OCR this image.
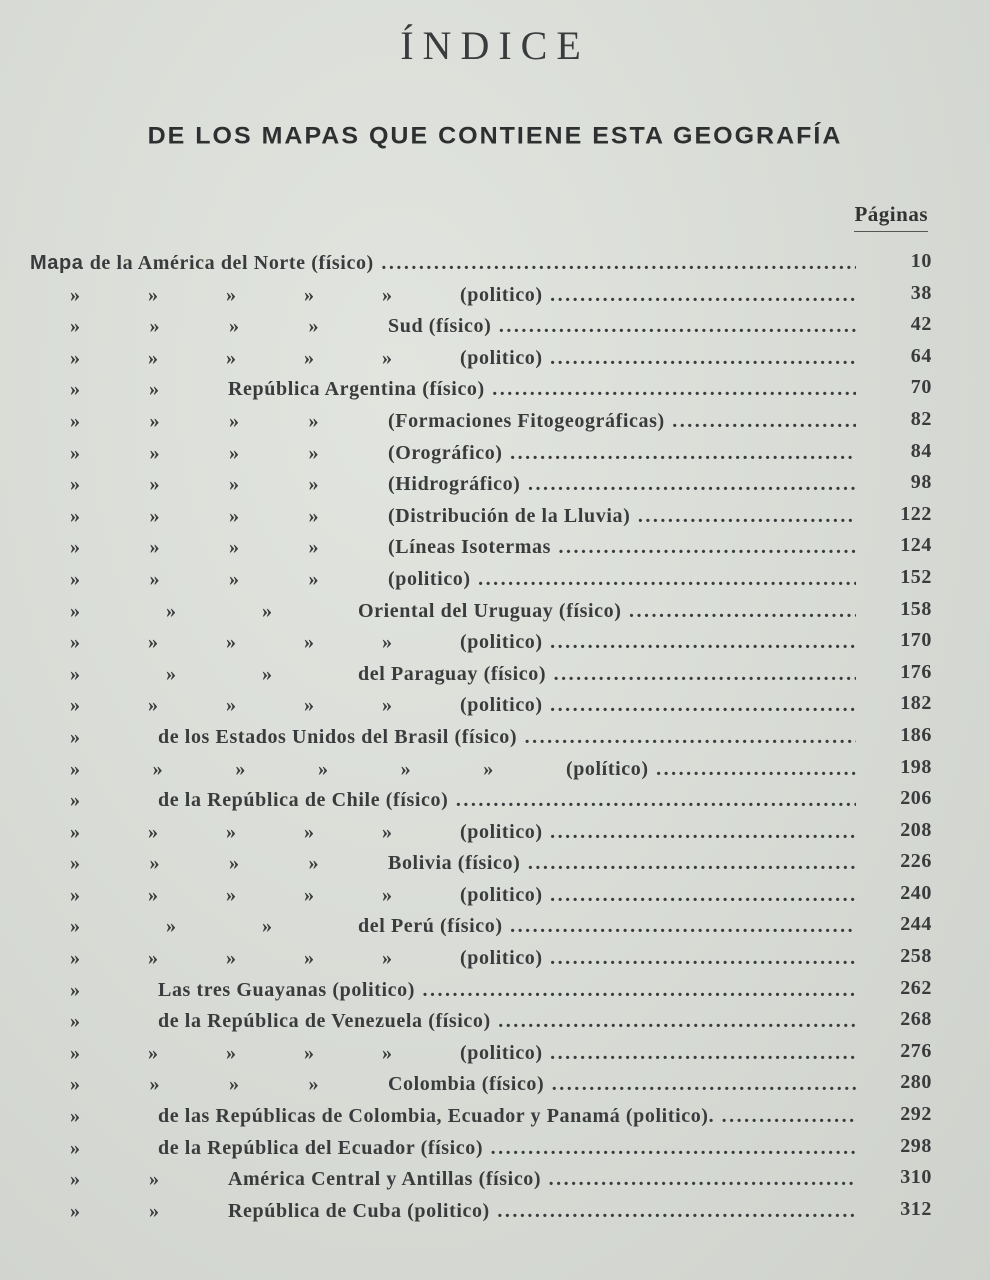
ÍNDICE
DE LOS MAPAS QUE CONTIENE ESTA GEOGRAFÍA
Páginas
Mapa de la América del Norte (físico) .....	10
»	»	»	»	»	(politico) .....	38
»	»	»	»	Sud (físico) .....	42
»	»	»	»	»	(politico) .....	64
»	»	República Argentina (físico) .....	70
»	»	»	»	(Formaciones Fitogeográficas) .....	82
»	»	»	»	(Orográfico) .....	84
»	»	»	»	(Hidrográfico) .....	98
»	»	»	»	(Distribución de la Lluvia) .....	122
»	»	»	»	(Líneas Isotermas .....	124
»	»	»	»	(politico) .....	152
»	»	»	Oriental del Uruguay (físico) .....	158
»	»	»	»	»	(politico) .....	170
»	»	»	del Paraguay (físico) .....	176
»	»	»	»	»	(politico) .....	182
»	de los Estados Unidos del Brasil (físico) .....	186
»	»	»	»	»	»	(político) .....	198
»	de la República de Chile (físico) .....	206
»	»	»	»	»	(politico) .....	208
»	»	»	»	Bolivia (físico) .....	226
»	»	»	»	»	(politico) .....	240
»	»	»	del Perú (físico) .....	244
»	»	»	»	»	(politico) .....	258
»	Las tres Guayanas (politico) .....	262
»	de la República de Venezuela (físico) .....	268
»	»	»	»	»	(politico) .....	276
»	»	»	»	Colombia (físico) .....	280
»	de las Repúblicas de Colombia, Ecuador y Panamá (politico). .....	292
»	de la República del Ecuador (físico) .....	298
»	»	América Central y Antillas (físico) .....	310
»	»	República de Cuba (politico) .....	312
